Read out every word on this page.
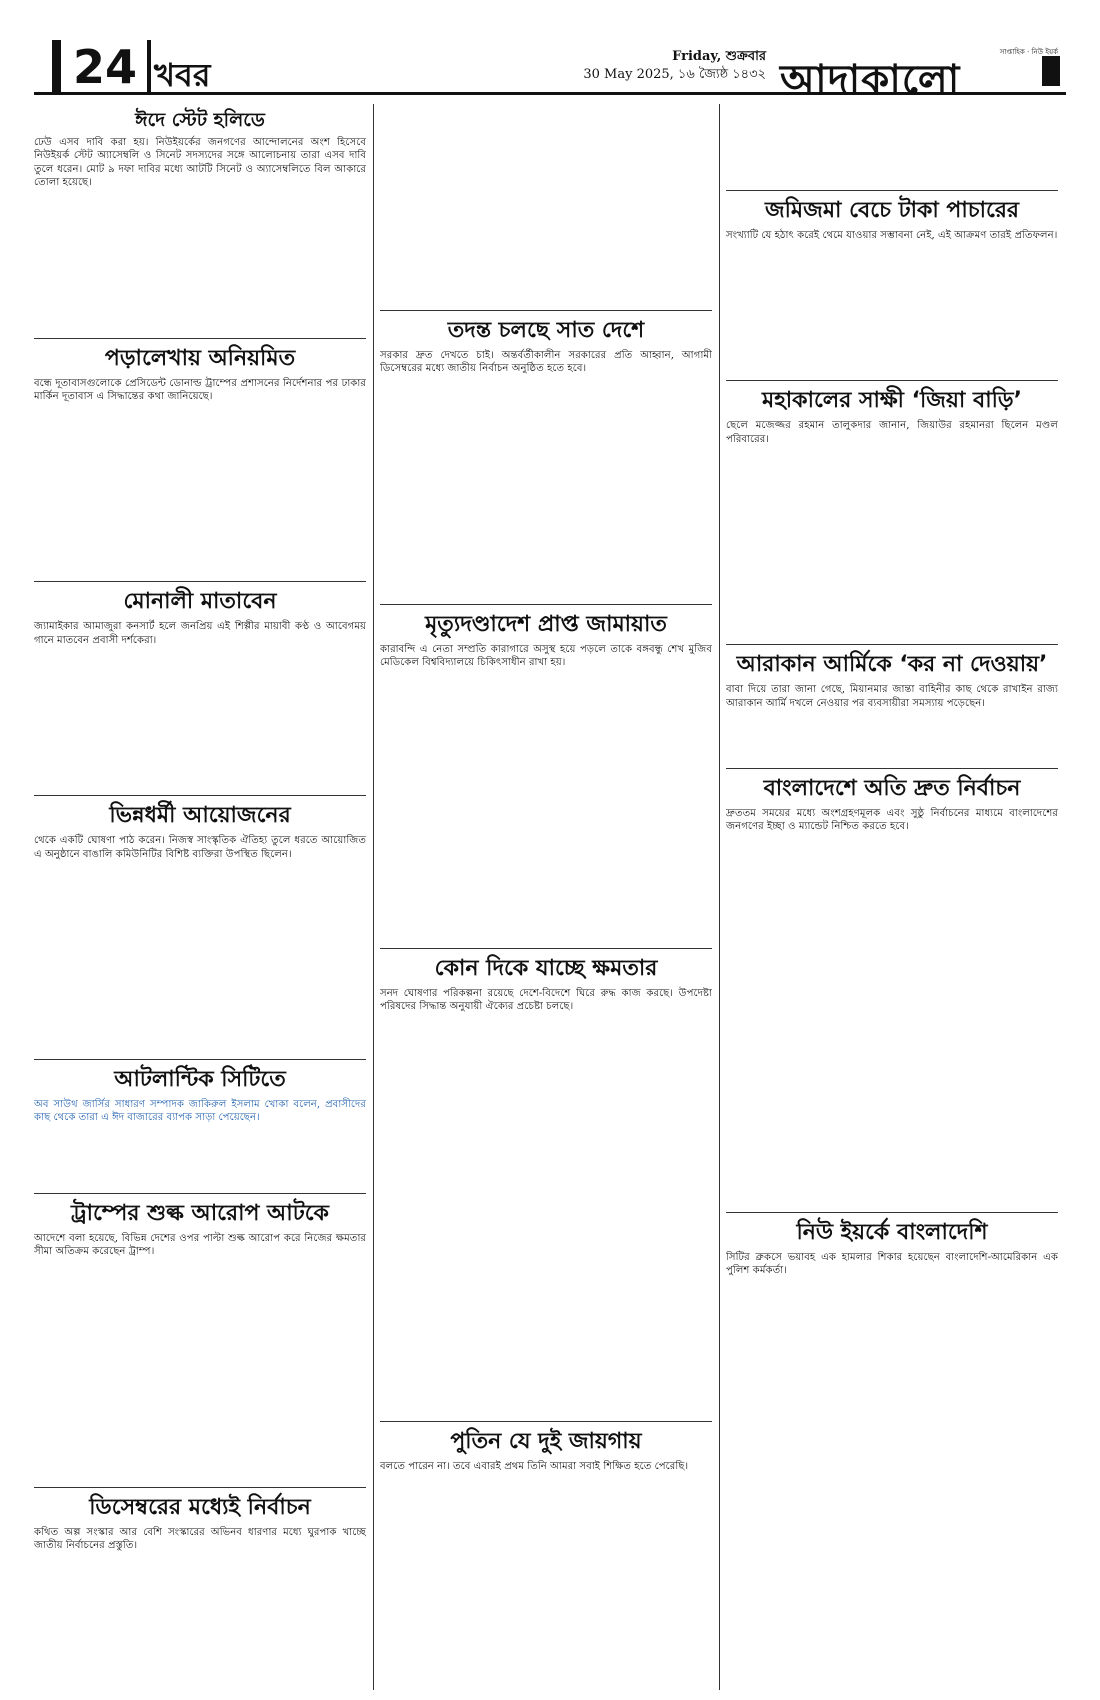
24 খবর	Friday, শুক্রবার
30 May 2025, ১৬ জ্যৈষ্ঠ ১৪৩২ আদাকালো
সাপ্তাহিক · নিউ ইয়র্ক
ঈদে স্টেট হলিডে

ঢেউ এসব দাবি করা হয়। নিউইয়র্কের জনগণের আন্দোলনের অংশ হিসেবে নিউইয়র্ক স্টেট অ্যাসেম্বলি ও সিনেট সদস্যদের সঙ্গে আলোচনায় তারা এসব দাবি তুলে ধরেন। মোট ৯ দফা দাবির মধ্যে আটটি সিনেট ও অ্যাসেম্বলিতে বিল আকারে তোলা হয়েছে।

পড়ালেখায় অনিয়মিত

বন্ধে দূতাবাসগুলোকে প্রেসিডেন্ট ডোনাল্ড ট্রাম্পের প্রশাসনের নির্দেশনার পর ঢাকার মার্কিন দূতাবাস এ সিদ্ধান্তের কথা জানিয়েছে।

মোনালী মাতাবেন

জ্যামাইকার আমাজুরা কনসার্ট হলে জনপ্রিয় এই শিল্পীর মায়াবী কণ্ঠ ও আবেগময় গানে মাতবেন প্রবাসী দর্শকেরা।

ভিন্নধর্মী আয়োজনের

থেকে একটি ঘোষণা পাঠ করেন। নিজস্ব সাংস্কৃতিক ঐতিহ্য তুলে ধরতে আয়োজিত এ অনুষ্ঠানে বাঙালি কমিউনিটির বিশিষ্ট ব্যক্তিরা উপস্থিত ছিলেন।

আটলান্টিক সিটিতে

অব সাউথ জার্সির সাধারণ সম্পাদক জাকিরুল ইসলাম খোকা বলেন, প্রবাসীদের কাছ থেকে তারা এ ঈদ বাজারের ব্যাপক সাড়া পেয়েছেন।

ট্রাম্পের শুল্ক আরোপ আটকে

আদেশে বলা হয়েছে, বিভিন্ন দেশের ওপর পাল্টা শুল্ক আরোপ করে নিজের ক্ষমতার সীমা অতিক্রম করেছেন ট্রাম্প।

ডিসেম্বরের মধ্যেই নির্বাচন

কথিত অল্প সংস্কার আর বেশি সংস্কারের অভিনব ধারণার মধ্যে ঘুরপাক খাচ্ছে জাতীয় নির্বাচনের প্রস্তুতি।

তদন্ত চলছে সাত দেশে

সরকার দ্রুত দেখতে চাই। অন্তর্বর্তীকালীন সরকারের প্রতি আহ্বান, আগামী ডিসেম্বরের মধ্যে জাতীয় নির্বাচন অনুষ্ঠিত হতে হবে।

মৃত্যুদণ্ডাদেশ প্রাপ্ত জামায়াত

কারাবন্দি এ নেতা সম্প্রতি কারাগারে অসুস্থ হয়ে পড়লে তাকে বঙ্গবন্ধু শেখ মুজিব মেডিকেল বিশ্ববিদ্যালয়ে চিকিৎসাধীন রাখা হয়।

কোন দিকে যাচ্ছে ক্ষমতার

সনদ ঘোষণার পরিকল্পনা রয়েছে দেশে-বিদেশে ঘিরে রুদ্ধ কাজ করছে। উপদেষ্টা পরিষদের সিদ্ধান্ত অনুযায়ী ঐক্যের প্রচেষ্টা চলছে।

পুতিন যে দুই জায়গায়

বলতে পারেন না। তবে এবারই প্রথম তিনি আমরা সবাই শিক্ষিত হতে পেরেছি।

জমিজমা বেচে টাকা পাচারের

সংখ্যাটি যে হঠাৎ করেই থেমে যাওয়ার সম্ভাবনা নেই, এই আক্রমণ তারই প্রতিফলন।

মহাকালের সাক্ষী ‘জিয়া বাড়ি’

ছেলে মজেজ্জর রহমান তালুকদার জানান, জিয়াউর রহমানরা ছিলেন মণ্ডল পরিবারের।

আরাকান আর্মিকে ‘কর না দেওয়ায়’

বাবা দিয়ে তারা জানা গেছে, মিয়ানমার জান্তা বাহিনীর কাছ থেকে রাখাইন রাজ্য আরাকান আর্মি দখলে নেওয়ার পর ব্যবসায়ীরা সমস্যায় পড়েছেন।

বাংলাদেশে অতি দ্রুত নির্বাচন

দ্রুততম সময়ের মধ্যে অংশগ্রহণমূলক এবং সুষ্ঠু নির্বাচনের মাধ্যমে বাংলাদেশের জনগণের ইচ্ছা ও ম্যান্ডেট নিশ্চিত করতে হবে।

নিউ ইয়র্কে বাংলাদেশি

সিটির ব্রুকসে ভয়াবহ এক হামলার শিকার হয়েছেন বাংলাদেশি-আমেরিকান এক পুলিশ কর্মকর্তা।
